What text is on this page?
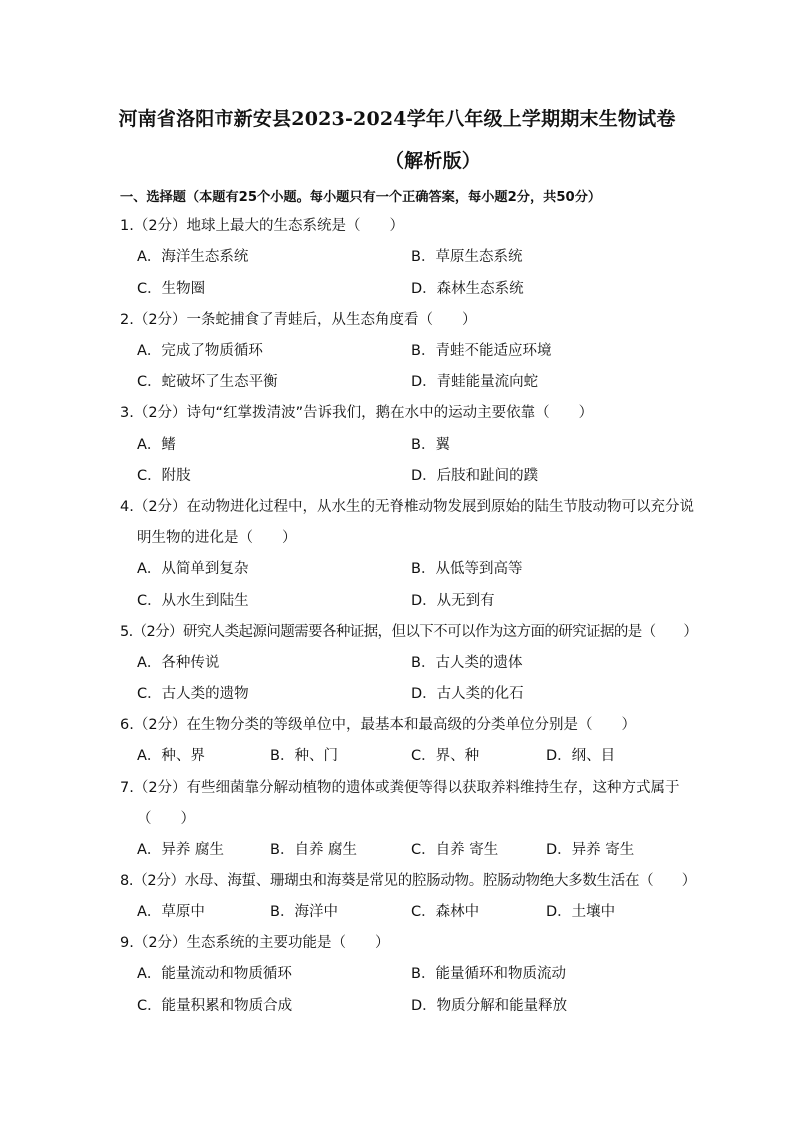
河南省洛阳市新安县2023-2024学年八年级上学期期末生物试卷
（解析版）
一、选择题（本题有25个小题。每小题只有一个正确答案，每小题2分，共50分）
1.（2分）地球上最大的生态系统是（　　）
A．海洋生态系统	B．草原生态系统
C．生物圈	D．森林生态系统
2.（2分）一条蛇捕食了青蛙后，从生态角度看（　　）
A．完成了物质循环	B．青蛙不能适应环境
C．蛇破坏了生态平衡	D．青蛙能量流向蛇
3.（2分）诗句“红掌拨清波”告诉我们，鹅在水中的运动主要依靠（　　）
A．鳍	B．翼
C．附肢	D．后肢和趾间的蹼
4.（2分）在动物进化过程中，从水生的无脊椎动物发展到原始的陆生节肢动物可以充分说
明生物的进化是（　　）
A．从简单到复杂	B．从低等到高等
C．从水生到陆生	D．从无到有
5.（2分）研究人类起源问题需要各种证据，但以下不可以作为这方面的研究证据的是（　　）
A．各种传说	B．古人类的遗体
C．古人类的遗物	D．古人类的化石
6.（2分）在生物分类的等级单位中，最基本和最高级的分类单位分别是（　　）
A．种、界	B．种、门	C．界、种	D．纲、目
7.（2分）有些细菌靠分解动植物的遗体或粪便等得以获取养料维持生存，这种方式属于
（　　）
A．异养 腐生	B．自养 腐生	C．自养 寄生	D．异养 寄生
8.（2分）水母、海蜇、珊瑚虫和海葵是常见的腔肠动物。腔肠动物绝大多数生活在（　　）
A．草原中	B．海洋中	C．森林中	D．土壤中
9.（2分）生态系统的主要功能是（　　）
A．能量流动和物质循环	B．能量循环和物质流动
C．能量积累和物质合成	D．物质分解和能量释放
